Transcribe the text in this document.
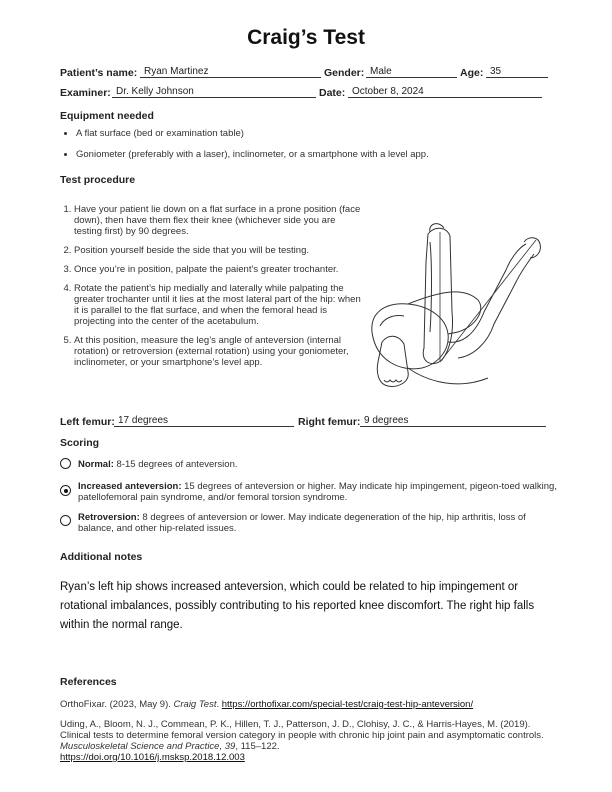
Craig’s Test
Patient’s name: Ryan Martinez	Gender: Male	Age: 35
Examiner: Dr. Kelly Johnson	Date: October 8, 2024
Equipment needed
• A flat surface (bed or examination table)
• Goniometer (preferably with a laser), inclinometer, or a smartphone with a level app.
Test procedure
1. Have your patient lie down on a flat surface in a prone position (face down), then have them flex their knee (whichever side you are testing first) by 90 degrees.
2. Position yourself beside the side that you will be testing.
3. Once you’re in position, palpate the paient’s greater trochanter.
4. Rotate the patient’s hip medially and laterally while palpating the greater trochanter until it lies at the most lateral part of the hip: when it is parallel to the flat surface, and when the femoral head is projecting into the center of the acetabulum.
5. At this position, measure the leg’s angle of anteversion (internal rotation) or retroversion (external rotation) using your goniometer, inclinometer, or your smartphone’s level app.
Left femur: 17 degrees	Right femur: 9 degrees
Scoring
Normal: 8-15 degrees of anteversion.
Increased anteversion: 15 degrees of anteversion or higher. May indicate hip impingement, pigeon-toed walking, patellofemoral pain syndrome, and/or femoral torsion syndrome.
Retroversion: 8 degrees of anteversion or lower. May indicate degeneration of the hip, hip arthritis, loss of balance, and other hip-related issues.
Additional notes
Ryan’s left hip shows increased anteversion, which could be related to hip impingement or rotational imbalances, possibly contributing to his reported knee discomfort. The right hip falls within the normal range.
References
OrthoFixar. (2023, May 9). Craig Test. https://orthofixar.com/special-test/craig-test-hip-anteversion/
Uding, A., Bloom, N. J., Commean, P. K., Hillen, T. J., Patterson, J. D., Clohisy, J. C., & Harris-Hayes, M. (2019). Clinical tests to determine femoral version category in people with chronic hip joint pain and asymptomatic controls. Musculoskeletal Science and Practice, 39, 115–122.
https://doi.org/10.1016/j.msksp.2018.12.003
